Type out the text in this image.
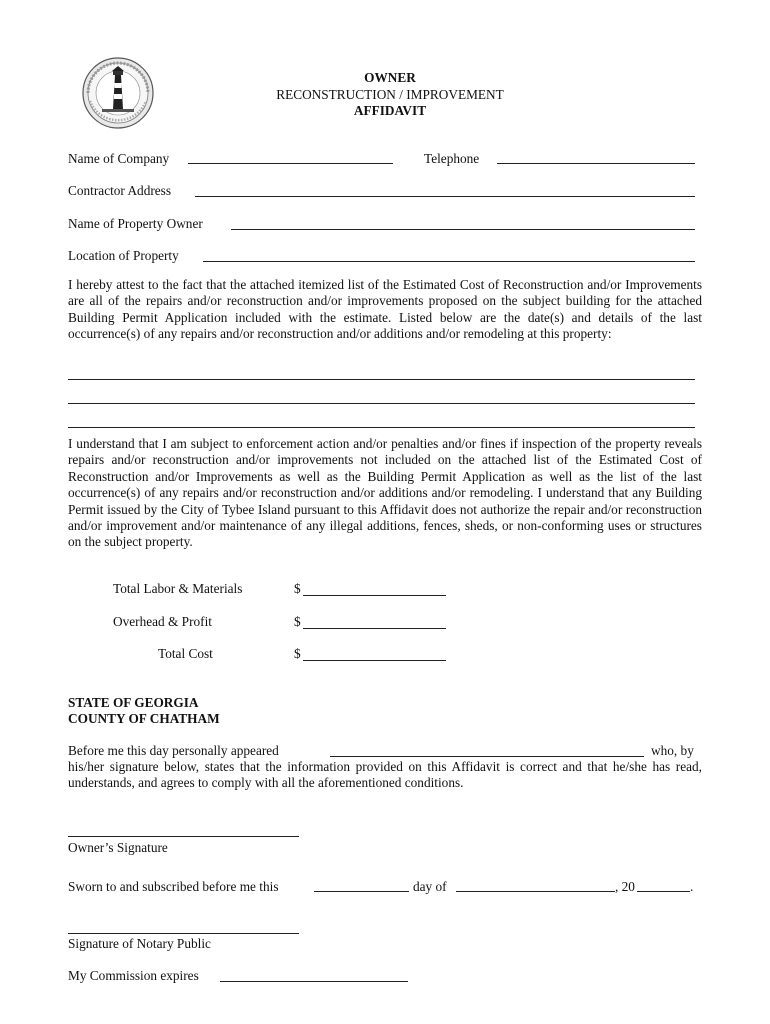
OWNER
RECONSTRUCTION / IMPROVEMENT
AFFIDAVIT
Name of Company	Telephone
Contractor Address
Name of Property Owner
Location of Property
I hereby attest to the fact that the attached itemized list of the Estimated Cost of Reconstruction and/or Improvements are all of the repairs and/or reconstruction and/or improvements proposed on the subject building for the attached Building Permit Application included with the estimate. Listed below are the date(s) and details of the last occurrence(s) of any repairs and/or reconstruction and/or additions and/or remodeling at this property:
I understand that I am subject to enforcement action and/or penalties and/or fines if inspection of the property reveals repairs and/or reconstruction and/or improvements not included on the attached list of the Estimated Cost of Reconstruction and/or Improvements as well as the Building Permit Application as well as the list of the last occurrence(s) of any repairs and/or reconstruction and/or additions and/or remodeling. I understand that any Building Permit issued by the City of Tybee Island pursuant to this Affidavit does not authorize the repair and/or reconstruction and/or improvement and/or maintenance of any illegal additions, fences, sheds, or non-conforming uses or structures on the subject property.
Total Labor & Materials	$
Overhead & Profit	$
Total Cost	$
STATE OF GEORGIA
COUNTY OF CHATHAM
Before me this day personally appeared	who, by
his/her signature below, states that the information provided on this Affidavit is correct and that he/she has read, understands, and agrees to comply with all the aforementioned conditions.
Owner’s Signature
Sworn to and subscribed before me this	day of	, 20	.
Signature of Notary Public
My Commission expires
